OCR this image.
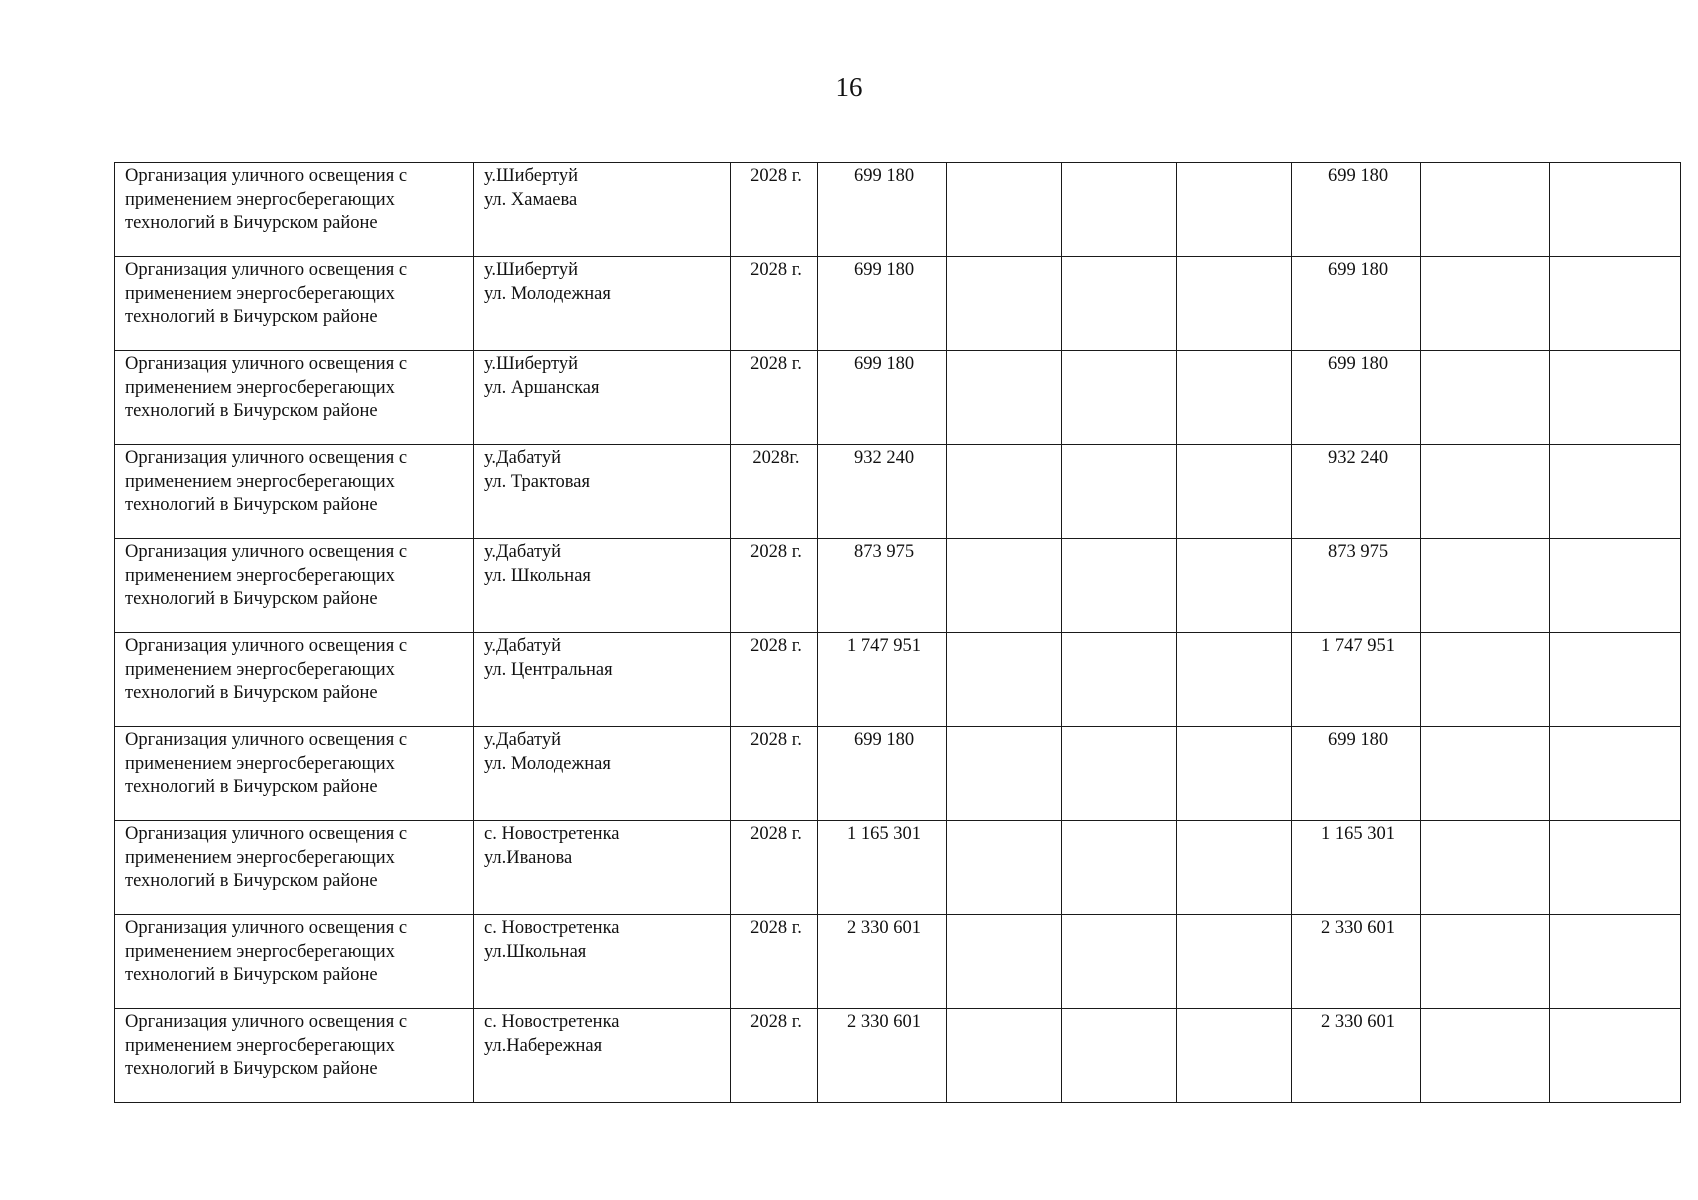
16
Организация уличного освещения с
применением энергосберегающих
технологий в Бичурском районе	у.Шибертуй
ул. Хамаева	2028 г.	699 180				699 180		

Организация уличного освещения с
применением энергосберегающих
технологий в Бичурском районе	у.Шибертуй
ул. Молодежная	2028 г.	699 180				699 180		

Организация уличного освещения с
применением энергосберегающих
технологий в Бичурском районе	у.Шибертуй
ул. Аршанская	2028 г.	699 180				699 180		

Организация уличного освещения с
применением энергосберегающих
технологий в Бичурском районе	у.Дабатуй
ул. Трактовая	2028г.	932 240				932 240		

Организация уличного освещения с
применением энергосберегающих
технологий в Бичурском районе	у.Дабатуй
ул. Школьная	2028 г.	873 975				873 975		

Организация уличного освещения с
применением энергосберегающих
технологий в Бичурском районе	у.Дабатуй
ул. Центральная	2028 г.	1 747 951				1 747 951		

Организация уличного освещения с
применением энергосберегающих
технологий в Бичурском районе	у.Дабатуй
ул. Молодежная	2028 г.	699 180				699 180		

Организация уличного освещения с
применением энергосберегающих
технологий в Бичурском районе	с. Новостретенка
ул.Иванова	2028 г.	1 165 301				1 165 301		

Организация уличного освещения с
применением энергосберегающих
технологий в Бичурском районе	с. Новостретенка
ул.Школьная	2028 г.	2 330 601				2 330 601		

Организация уличного освещения с
применением энергосберегающих
технологий в Бичурском районе	с. Новостретенка
ул.Набережная	2028 г.	2 330 601				2 330 601		
